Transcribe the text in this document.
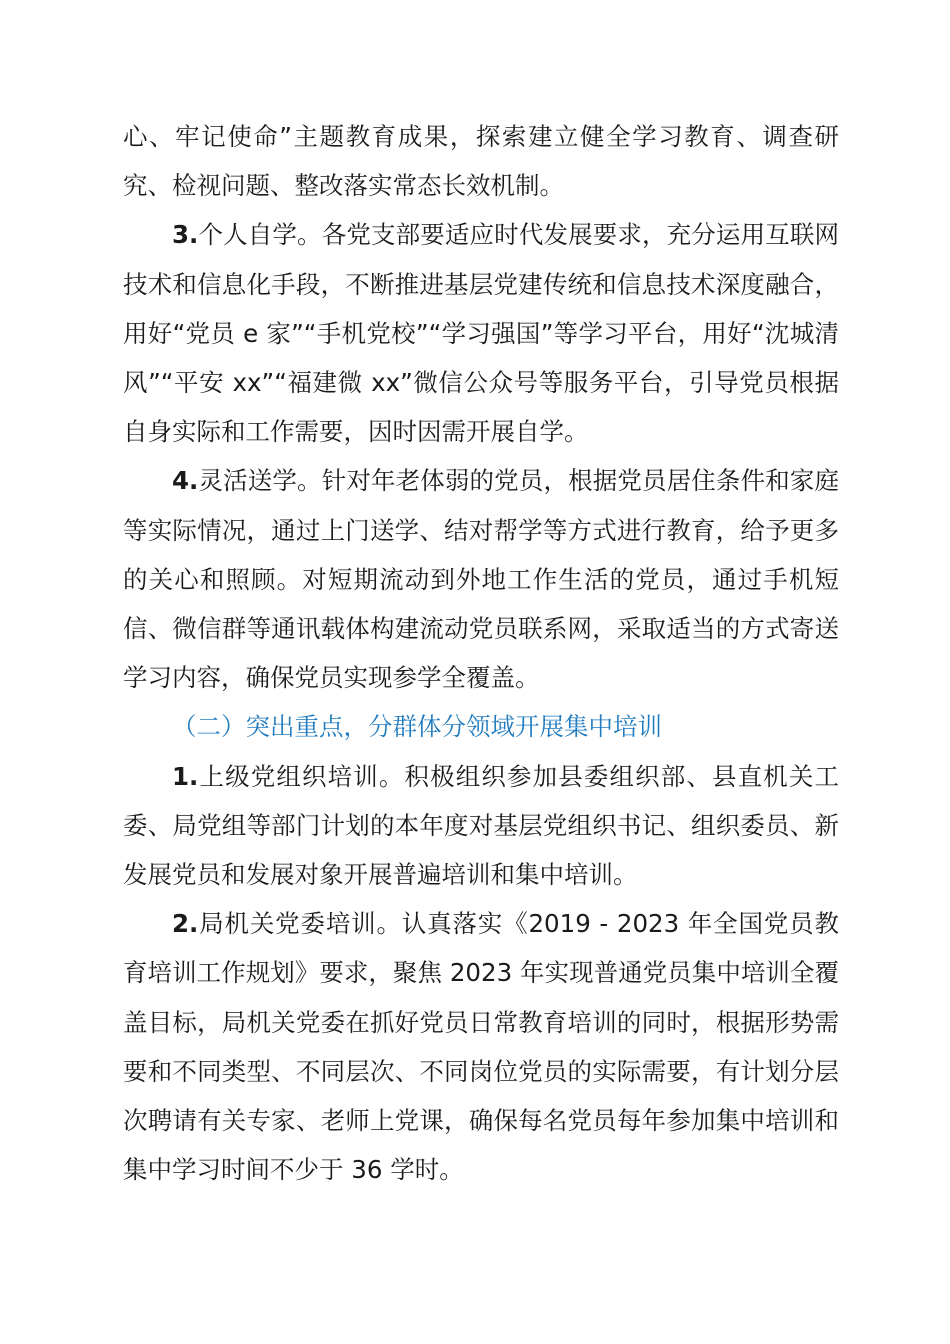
心、牢记使命”主题教育成果，探索建立健全学习教育、调查研究、检视问题、整改落实常态长效机制。

3.个人自学。各党支部要适应时代发展要求，充分运用互联网技术和信息化手段，不断推进基层党建传统和信息技术深度融合，用好“党员 e 家”“手机党校”“学习强国”等学习平台，用好“沈城清风”“平安 xx”“福建微 xx”微信公众号等服务平台，引导党员根据自身实际和工作需要，因时因需开展自学。

4.灵活送学。针对年老体弱的党员，根据党员居住条件和家庭等实际情况，通过上门送学、结对帮学等方式进行教育，给予更多的关心和照顾。对短期流动到外地工作生活的党员，通过手机短信、微信群等通讯载体构建流动党员联系网，采取适当的方式寄送学习内容，确保党员实现参学全覆盖。

（二）突出重点，分群体分领域开展集中培训

1.上级党组织培训。积极组织参加县委组织部、县直机关工委、局党组等部门计划的本年度对基层党组织书记、组织委员、新发展党员和发展对象开展普遍培训和集中培训。

2.局机关党委培训。认真落实《2019 - 2023 年全国党员教育培训工作规划》要求，聚焦 2023 年实现普通党员集中培训全覆盖目标，局机关党委在抓好党员日常教育培训的同时，根据形势需要和不同类型、不同层次、不同岗位党员的实际需要，有计划分层次聘请有关专家、老师上党课，确保每名党员每年参加集中培训和集中学习时间不少于 36 学时。
